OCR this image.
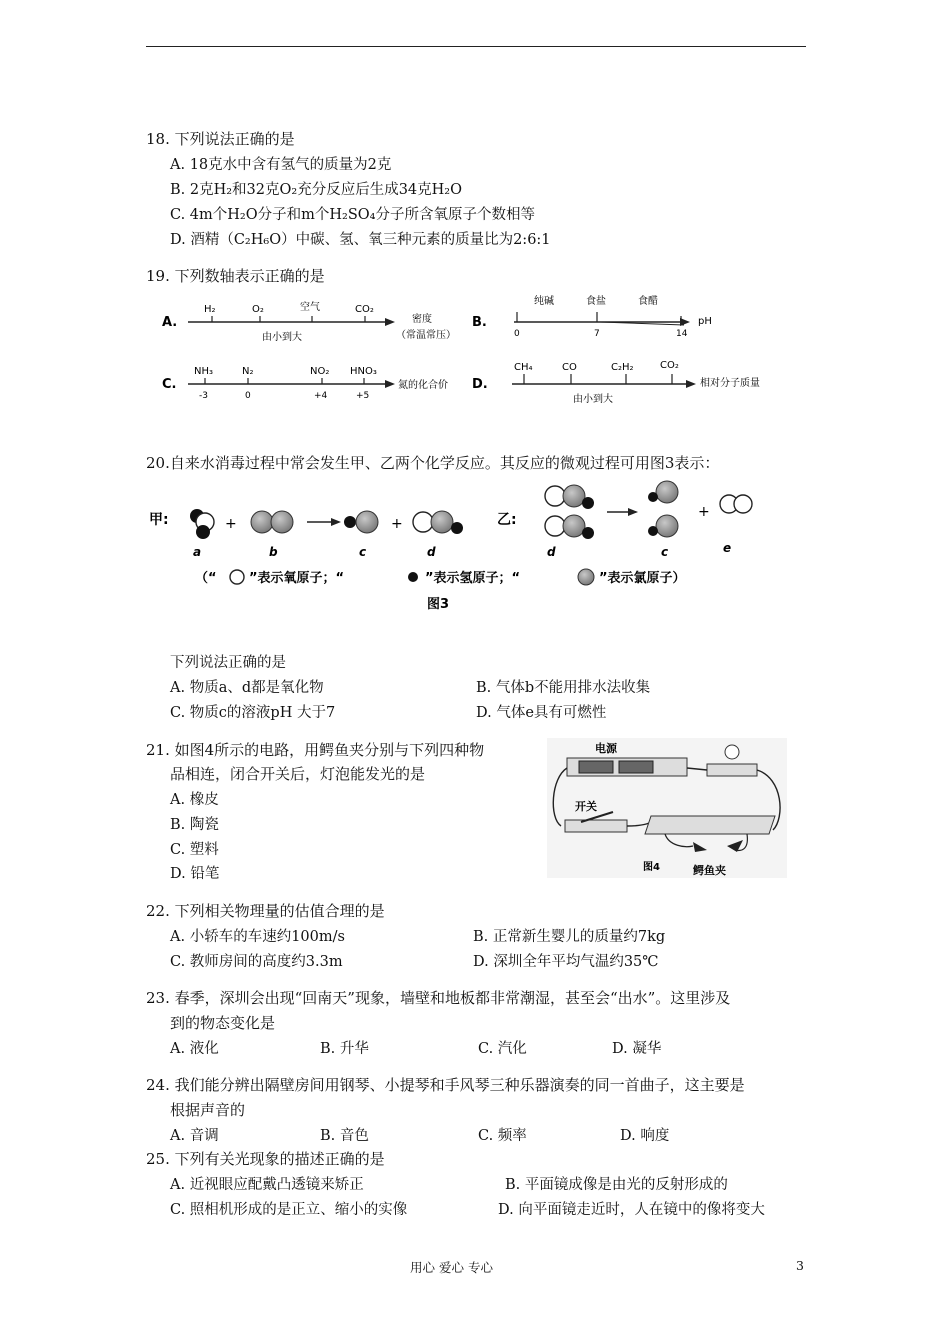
18. 下列说法正确的是
A. 18克水中含有氢气的质量为2克
B. 2克H₂和32克O₂充分反应后生成34克H₂O
C. 4m个H₂O分子和m个H₂SO₄分子所含氧原子个数相等
D. 酒精（C₂H₆O）中碳、氢、氧三种元素的质量比为2:6:1
19. 下列数轴表示正确的是
A.
H₂	O₂	空气	CO₂
由小到大
密度
（常温常压）
B.
纯碱	食盐	食醋
0	7	14
pH
C.
NH₃	N₂	NO₂ HNO₃
-3	0	+4	+5
氮的化合价 D.
CH₄	CO	C₂H₂	CO₂
由小到大
相对分子质量
20.自来水消毒过程中常会发生甲、乙两个化学反应。其反应的微观过程可用图3表示：
甲:	+	+
a	b	c	d
乙:	+
d	c	e
（“ ”表示氧原子；“	”表示氢原子；“	”表示氯原子）
图3
下列说法正确的是
A. 物质a、d都是氧化物	B. 气体b不能用排水法收集
C. 物质c的溶液pH 大于7	D. 气体e具有可燃性
21. 如图4所示的电路，用鳄鱼夹分别与下列四种物
品相连，闭合开关后，灯泡能发光的是
A. 橡皮
B. 陶瓷
C. 塑料
D. 铅笔
电源
开关
图4	鳄鱼夹
22. 下列相关物理量的估值合理的是
A. 小轿车的车速约100m/s	B. 正常新生婴儿的质量约7kg
C. 教师房间的高度约3.3m	D. 深圳全年平均气温约35℃
23. 春季，深圳会出现“回南天”现象，墙壁和地板都非常潮湿，甚至会“出水”。这里涉及
到的物态变化是
A. 液化	B. 升华	C. 汽化	D. 凝华
24. 我们能分辨出隔壁房间用钢琴、小提琴和手风琴三种乐器演奏的同一首曲子，这主要是
根据声音的
A. 音调	B. 音色	C. 频率	D. 响度
25. 下列有关光现象的描述正确的是
A. 近视眼应配戴凸透镜来矫正	B. 平面镜成像是由光的反射形成的
C. 照相机形成的是正立、缩小的实像	D. 向平面镜走近时，人在镜中的像将变大
用心 爱心 专心	3
